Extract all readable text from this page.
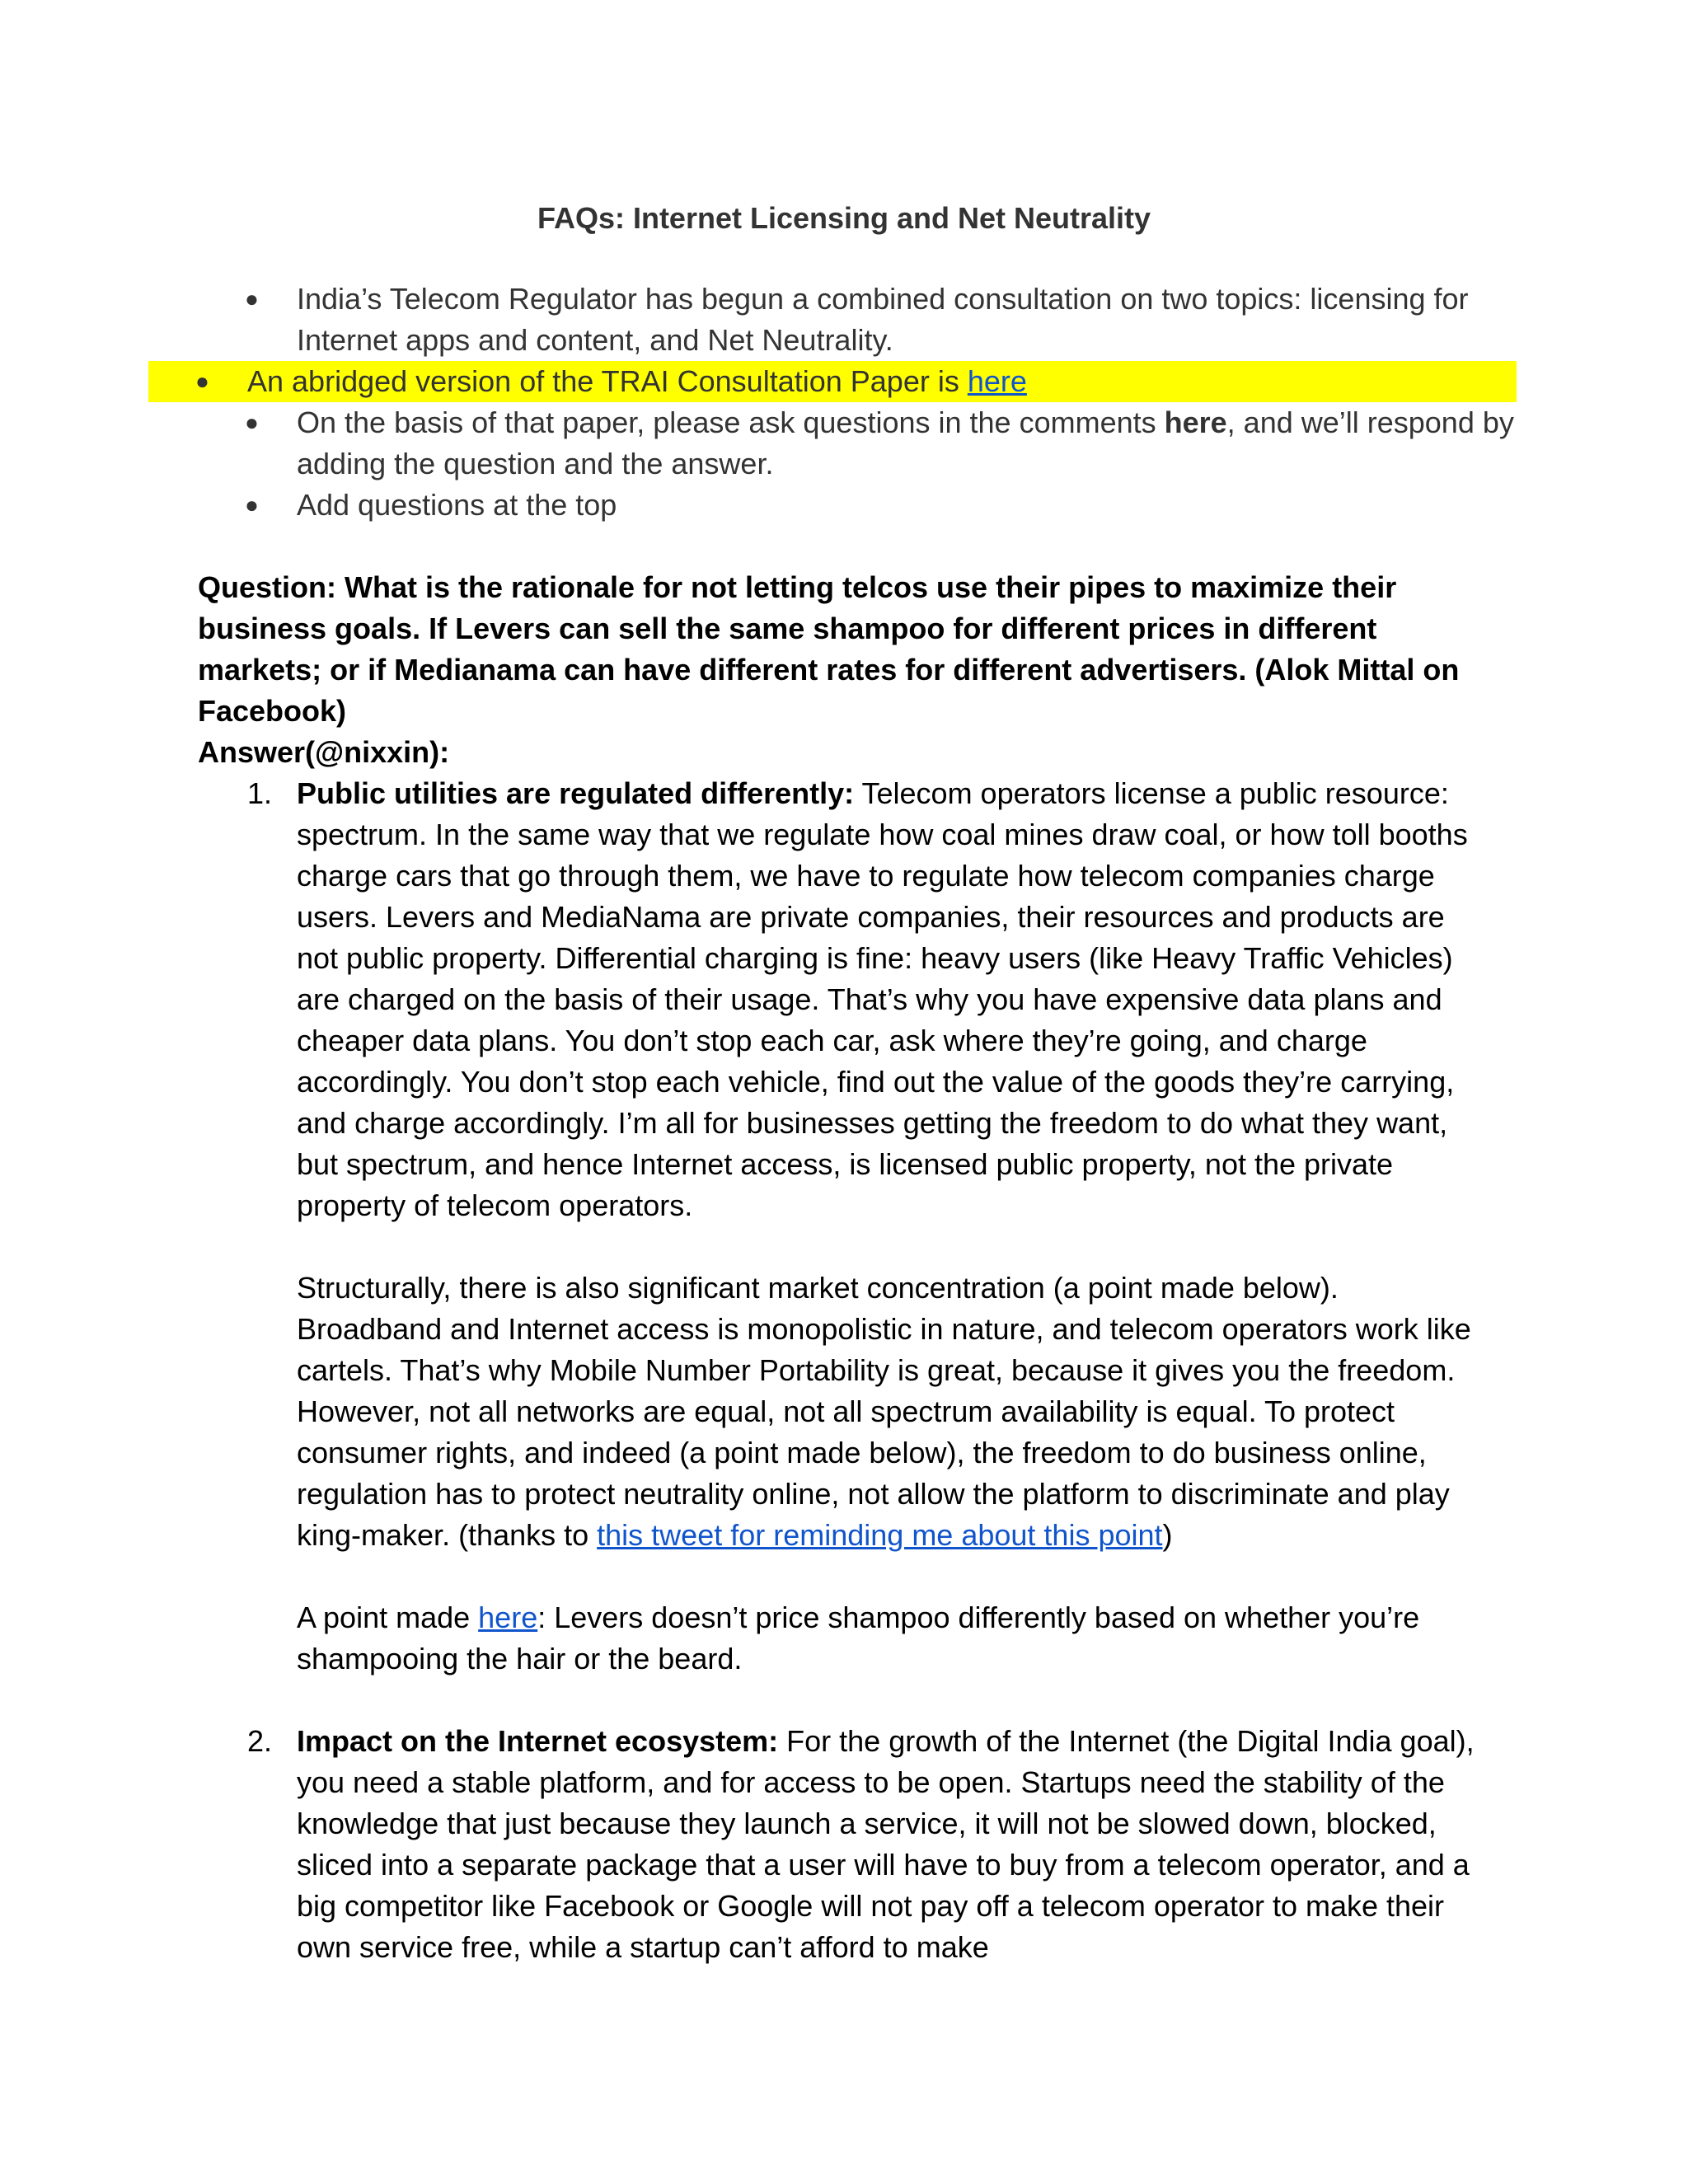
FAQs: Internet Licensing and Net Neutrality
● India’s Telecom Regulator has begun a combined consultation on two topics: licensing for Internet apps and content, and Net Neutrality.
● An abridged version of the TRAI Consultation Paper is here
● On the basis of that paper, please ask questions in the comments here, and we’ll respond by adding the question and the answer.
● Add questions at the top
Question: What is the rationale for not letting telcos use their pipes to maximize their business goals. If Levers can sell the same shampoo for different prices in different markets; or if Medianama can have different rates for different advertisers. (Alok Mittal on Facebook)
Answer(@nixxin):
1. Public utilities are regulated differently: Telecom operators license a public resource: spectrum. In the same way that we regulate how coal mines draw coal, or how toll booths charge cars that go through them, we have to regulate how telecom companies charge users. Levers and MediaNama are private companies, their resources and products are not public property. Differential charging is fine: heavy users (like Heavy Traffic Vehicles) are charged on the basis of their usage. That’s why you have expensive data plans and cheaper data plans. You don’t stop each car, ask where they’re going, and charge accordingly. You don’t stop each vehicle, find out the value of the goods they’re carrying, and charge accordingly. I’m all for businesses getting the freedom to do what they want, but spectrum, and hence Internet access, is licensed public property, not the private property of telecom operators.
Structurally, there is also significant market concentration (a point made below). Broadband and Internet access is monopolistic in nature, and telecom operators work like cartels. That’s why Mobile Number Portability is great, because it gives you the freedom. However, not all networks are equal, not all spectrum availability is equal. To protect consumer rights, and indeed (a point made below), the freedom to do business online, regulation has to protect neutrality online, not allow the platform to discriminate and play king-maker. (thanks to this tweet for reminding me about this point)
A point made here: Levers doesn’t price shampoo differently based on whether you’re shampooing the hair or the beard.
2. Impact on the Internet ecosystem: For the growth of the Internet (the Digital India goal), you need a stable platform, and for access to be open. Startups need the stability of the knowledge that just because they launch a service, it will not be slowed down, blocked, sliced into a separate package that a user will have to buy from a telecom operator, and a big competitor like Facebook or Google will not pay off a telecom operator to make their own service free, while a startup can’t afford to make
